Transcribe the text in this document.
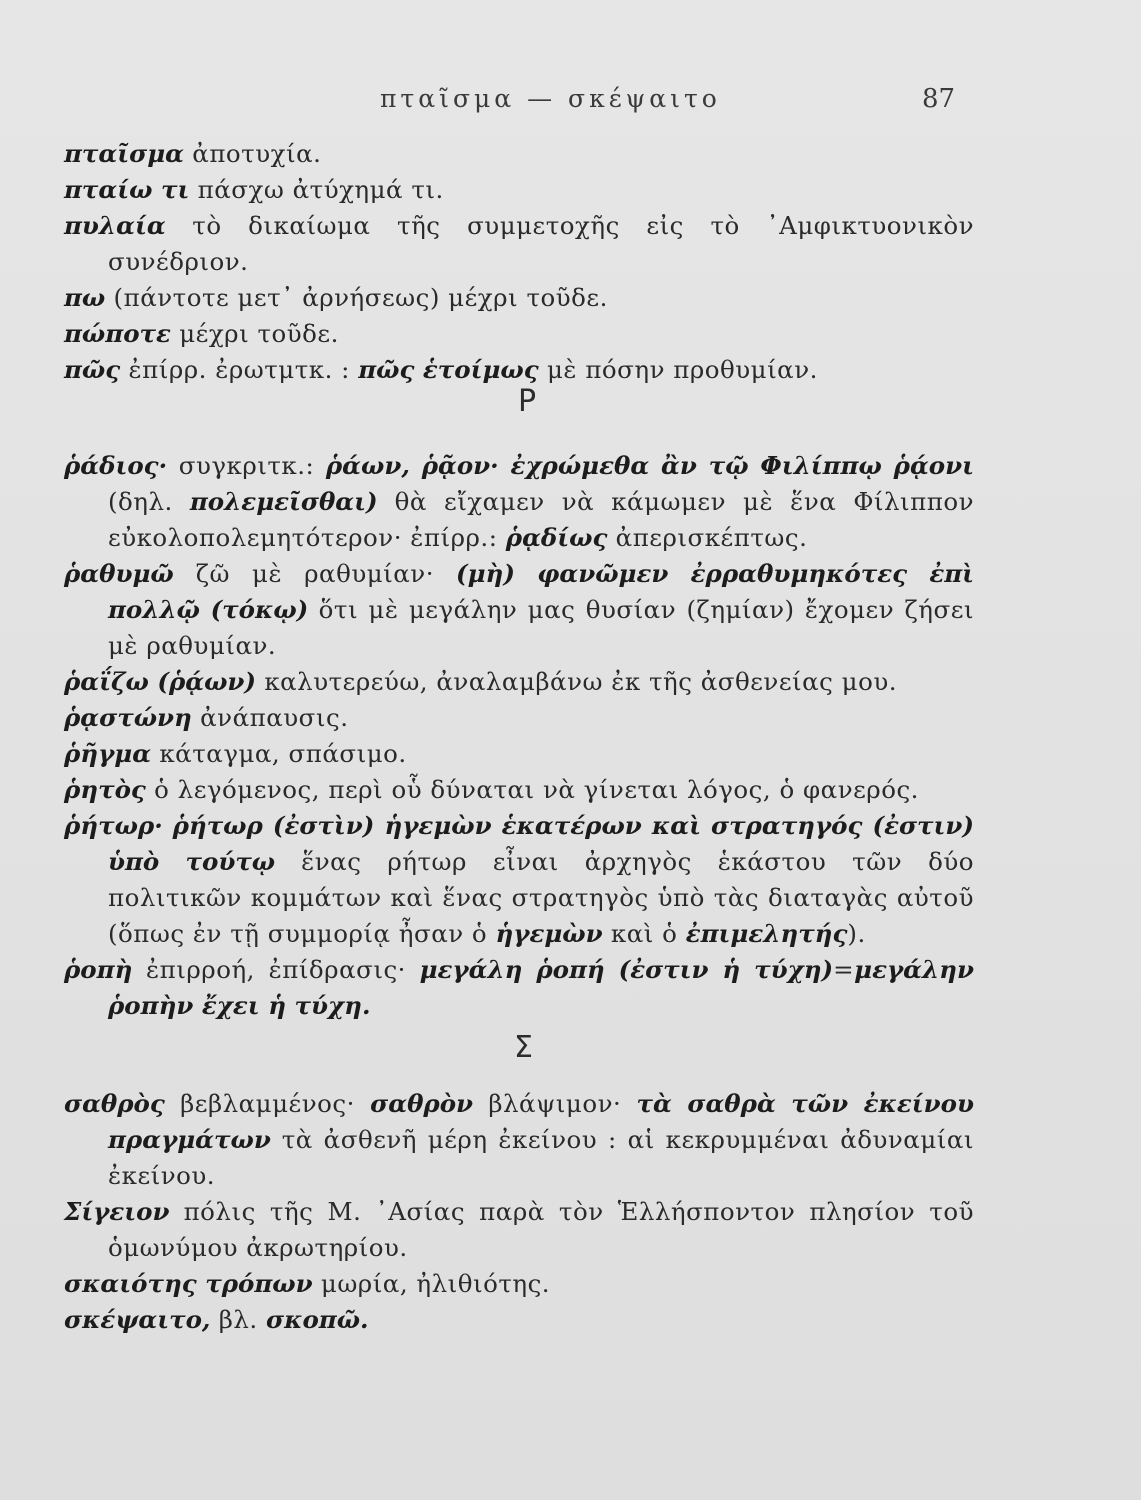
πταῖσμα — σκέψαιτο	87
πταῖσμα ἀποτυχία.
πταίω τι πάσχω ἀτύχημά τι.
πυλαία τὸ δικαίωμα τῆς συμμετοχῆς εἰς τὸ ᾿Αμφικτυονικὸν συνέδριον.
πω (πάντοτε μετ᾿ ἀρνήσεως) μέχρι τοῦδε.
πώποτε μέχρι τοῦδε.
πῶς ἐπίρρ. ἐρωτμτκ. : πῶς ἑτοίμως μὲ πόσην προθυμίαν.
Ρ
ῥάδιος· συγκριτκ.: ῥάων, ῥᾷον· ἐχρώμεθα ἂν τῷ Φιλίππῳ ῥᾴονι (δηλ. πολεμεῖσθαι) θὰ εἴχαμεν νὰ κάμωμεν μὲ ἕνα Φίλιππον εὐκολοπολεμητότερον· ἐπίρρ.: ῥᾳδίως ἀπερισκέπτως.
ῥαθυμῶ ζῶ μὲ ραθυμίαν· (μὴ) φανῶμεν ἐρραθυμηκότες ἐπὶ πολλῷ (τόκῳ) ὅτι μὲ μεγάλην μας θυσίαν (ζημίαν) ἔχομεν ζήσει μὲ ραθυμίαν.
ῥαΐζω (ῥᾴων) καλυτερεύω, ἀναλαμβάνω ἐκ τῆς ἀσθενείας μου.
ῥᾳστώνη ἀνάπαυσις.
ῥῆγμα κάταγμα, σπάσιμο.
ῥητὸς ὁ λεγόμενος, περὶ οὗ δύναται νὰ γίνεται λόγος, ὁ φανερός.
ῥήτωρ· ῥήτωρ (ἐστὶν) ἡγεμὼν ἑκατέρων καὶ στρατηγός (ἐστιν) ὑπὸ τούτῳ ἕνας ρήτωρ εἶναι ἀρχηγὸς ἑκάστου τῶν δύο πολιτικῶν κομμάτων καὶ ἕνας στρατηγὸς ὑπὸ τὰς διαταγὰς αὐτοῦ (ὅπως ἐν τῇ συμμορίᾳ ἦσαν ὁ ἡγεμὼν καὶ ὁ ἐπιμελητής).
ῥοπὴ ἐπιρροή, ἐπίδρασις· μεγάλη ῥοπή (ἐστιν ἡ τύχη)=μεγάλην ῥοπὴν ἔχει ἡ τύχη.
Σ
σαθρὸς βεβλαμμένος· σαθρὸν βλάψιμον· τὰ σαθρὰ τῶν ἐκείνου πραγμάτων τὰ ἀσθενῆ μέρη ἐκείνου : αἱ κεκρυμμέναι ἀδυναμίαι ἐκείνου.
Σίγειον πόλις τῆς Μ. ᾿Ασίας παρὰ τὸν Ἑλλήσποντον πλησίον τοῦ ὁμωνύμου ἀκρωτηρίου.
σκαιότης τρόπων μωρία, ἠλιθιότης.
σκέψαιτο, βλ. σκοπῶ.
